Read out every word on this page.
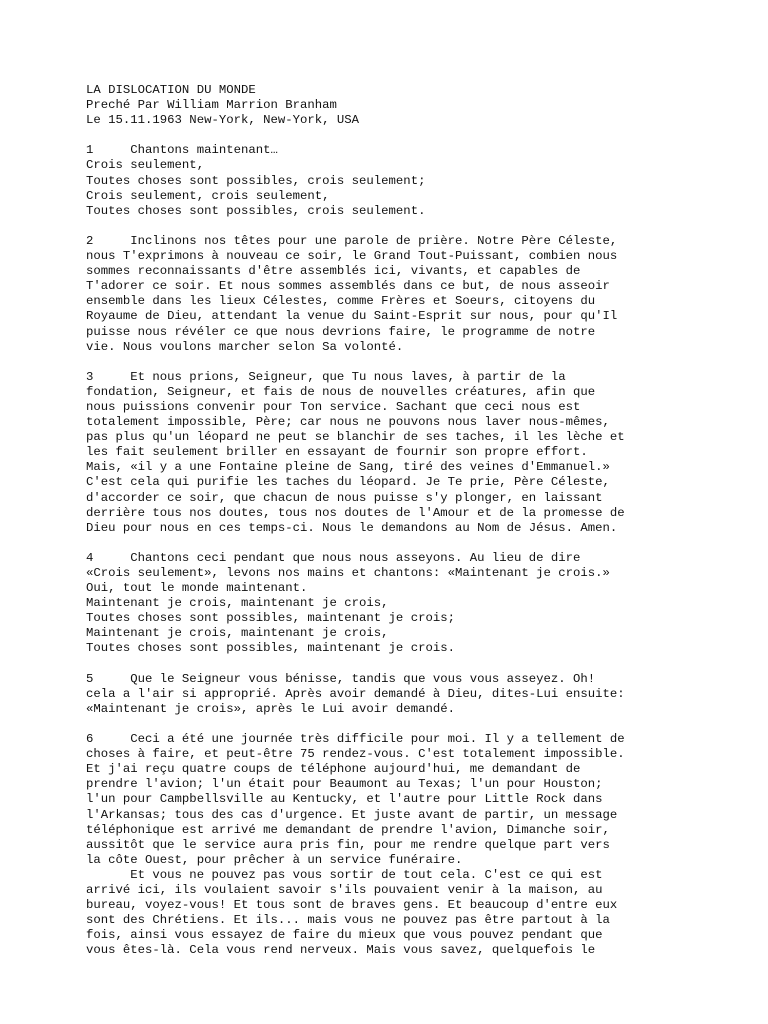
LA DISLOCATION DU MONDE
Preché Par William Marrion Branham
Le 15.11.1963 New-York, New-York, USA
1     Chantons maintenant…
Crois seulement,
Toutes choses sont possibles, crois seulement;
Crois seulement, crois seulement,
Toutes choses sont possibles, crois seulement.
2     Inclinons nos têtes pour une parole de prière. Notre Père Céleste,
nous T'exprimons à nouveau ce soir, le Grand Tout-Puissant, combien nous
sommes reconnaissants d'être assemblés ici, vivants, et capables de
T'adorer ce soir. Et nous sommes assemblés dans ce but, de nous asseoir
ensemble dans les lieux Célestes, comme Frères et Soeurs, citoyens du
Royaume de Dieu, attendant la venue du Saint-Esprit sur nous, pour qu'Il
puisse nous révéler ce que nous devrions faire, le programme de notre
vie. Nous voulons marcher selon Sa volonté.
3     Et nous prions, Seigneur, que Tu nous laves, à partir de la
fondation, Seigneur, et fais de nous de nouvelles créatures, afin que
nous puissions convenir pour Ton service. Sachant que ceci nous est
totalement impossible, Père; car nous ne pouvons nous laver nous-mêmes,
pas plus qu'un léopard ne peut se blanchir de ses taches, il les lèche et
les fait seulement briller en essayant de fournir son propre effort.
Mais, «il y a une Fontaine pleine de Sang, tiré des veines d'Emmanuel.»
C'est cela qui purifie les taches du léopard. Je Te prie, Père Céleste,
d'accorder ce soir, que chacun de nous puisse s'y plonger, en laissant
derrière tous nos doutes, tous nos doutes de l'Amour et de la promesse de
Dieu pour nous en ces temps-ci. Nous le demandons au Nom de Jésus. Amen.
4     Chantons ceci pendant que nous nous asseyons. Au lieu de dire
«Crois seulement», levons nos mains et chantons: «Maintenant je crois.»
Oui, tout le monde maintenant.
Maintenant je crois, maintenant je crois,
Toutes choses sont possibles, maintenant je crois;
Maintenant je crois, maintenant je crois,
Toutes choses sont possibles, maintenant je crois.
5     Que le Seigneur vous bénisse, tandis que vous vous asseyez. Oh!
cela a l'air si approprié. Après avoir demandé à Dieu, dites-Lui ensuite:
«Maintenant je crois», après le Lui avoir demandé.
6     Ceci a été une journée très difficile pour moi. Il y a tellement de
choses à faire, et peut-être 75 rendez-vous. C'est totalement impossible.
Et j'ai reçu quatre coups de téléphone aujourd'hui, me demandant de
prendre l'avion; l'un était pour Beaumont au Texas; l'un pour Houston;
l'un pour Campbellsville au Kentucky, et l'autre pour Little Rock dans
l'Arkansas; tous des cas d'urgence. Et juste avant de partir, un message
téléphonique est arrivé me demandant de prendre l'avion, Dimanche soir,
aussitôt que le service aura pris fin, pour me rendre quelque part vers
la côte Ouest, pour prêcher à un service funéraire.
Et vous ne pouvez pas vous sortir de tout cela. C'est ce qui est
arrivé ici, ils voulaient savoir s'ils pouvaient venir à la maison, au
bureau, voyez-vous! Et tous sont de braves gens. Et beaucoup d'entre eux
sont des Chrétiens. Et ils... mais vous ne pouvez pas être partout à la
fois, ainsi vous essayez de faire du mieux que vous pouvez pendant que
vous êtes-là. Cela vous rend nerveux. Mais vous savez, quelquefois le
